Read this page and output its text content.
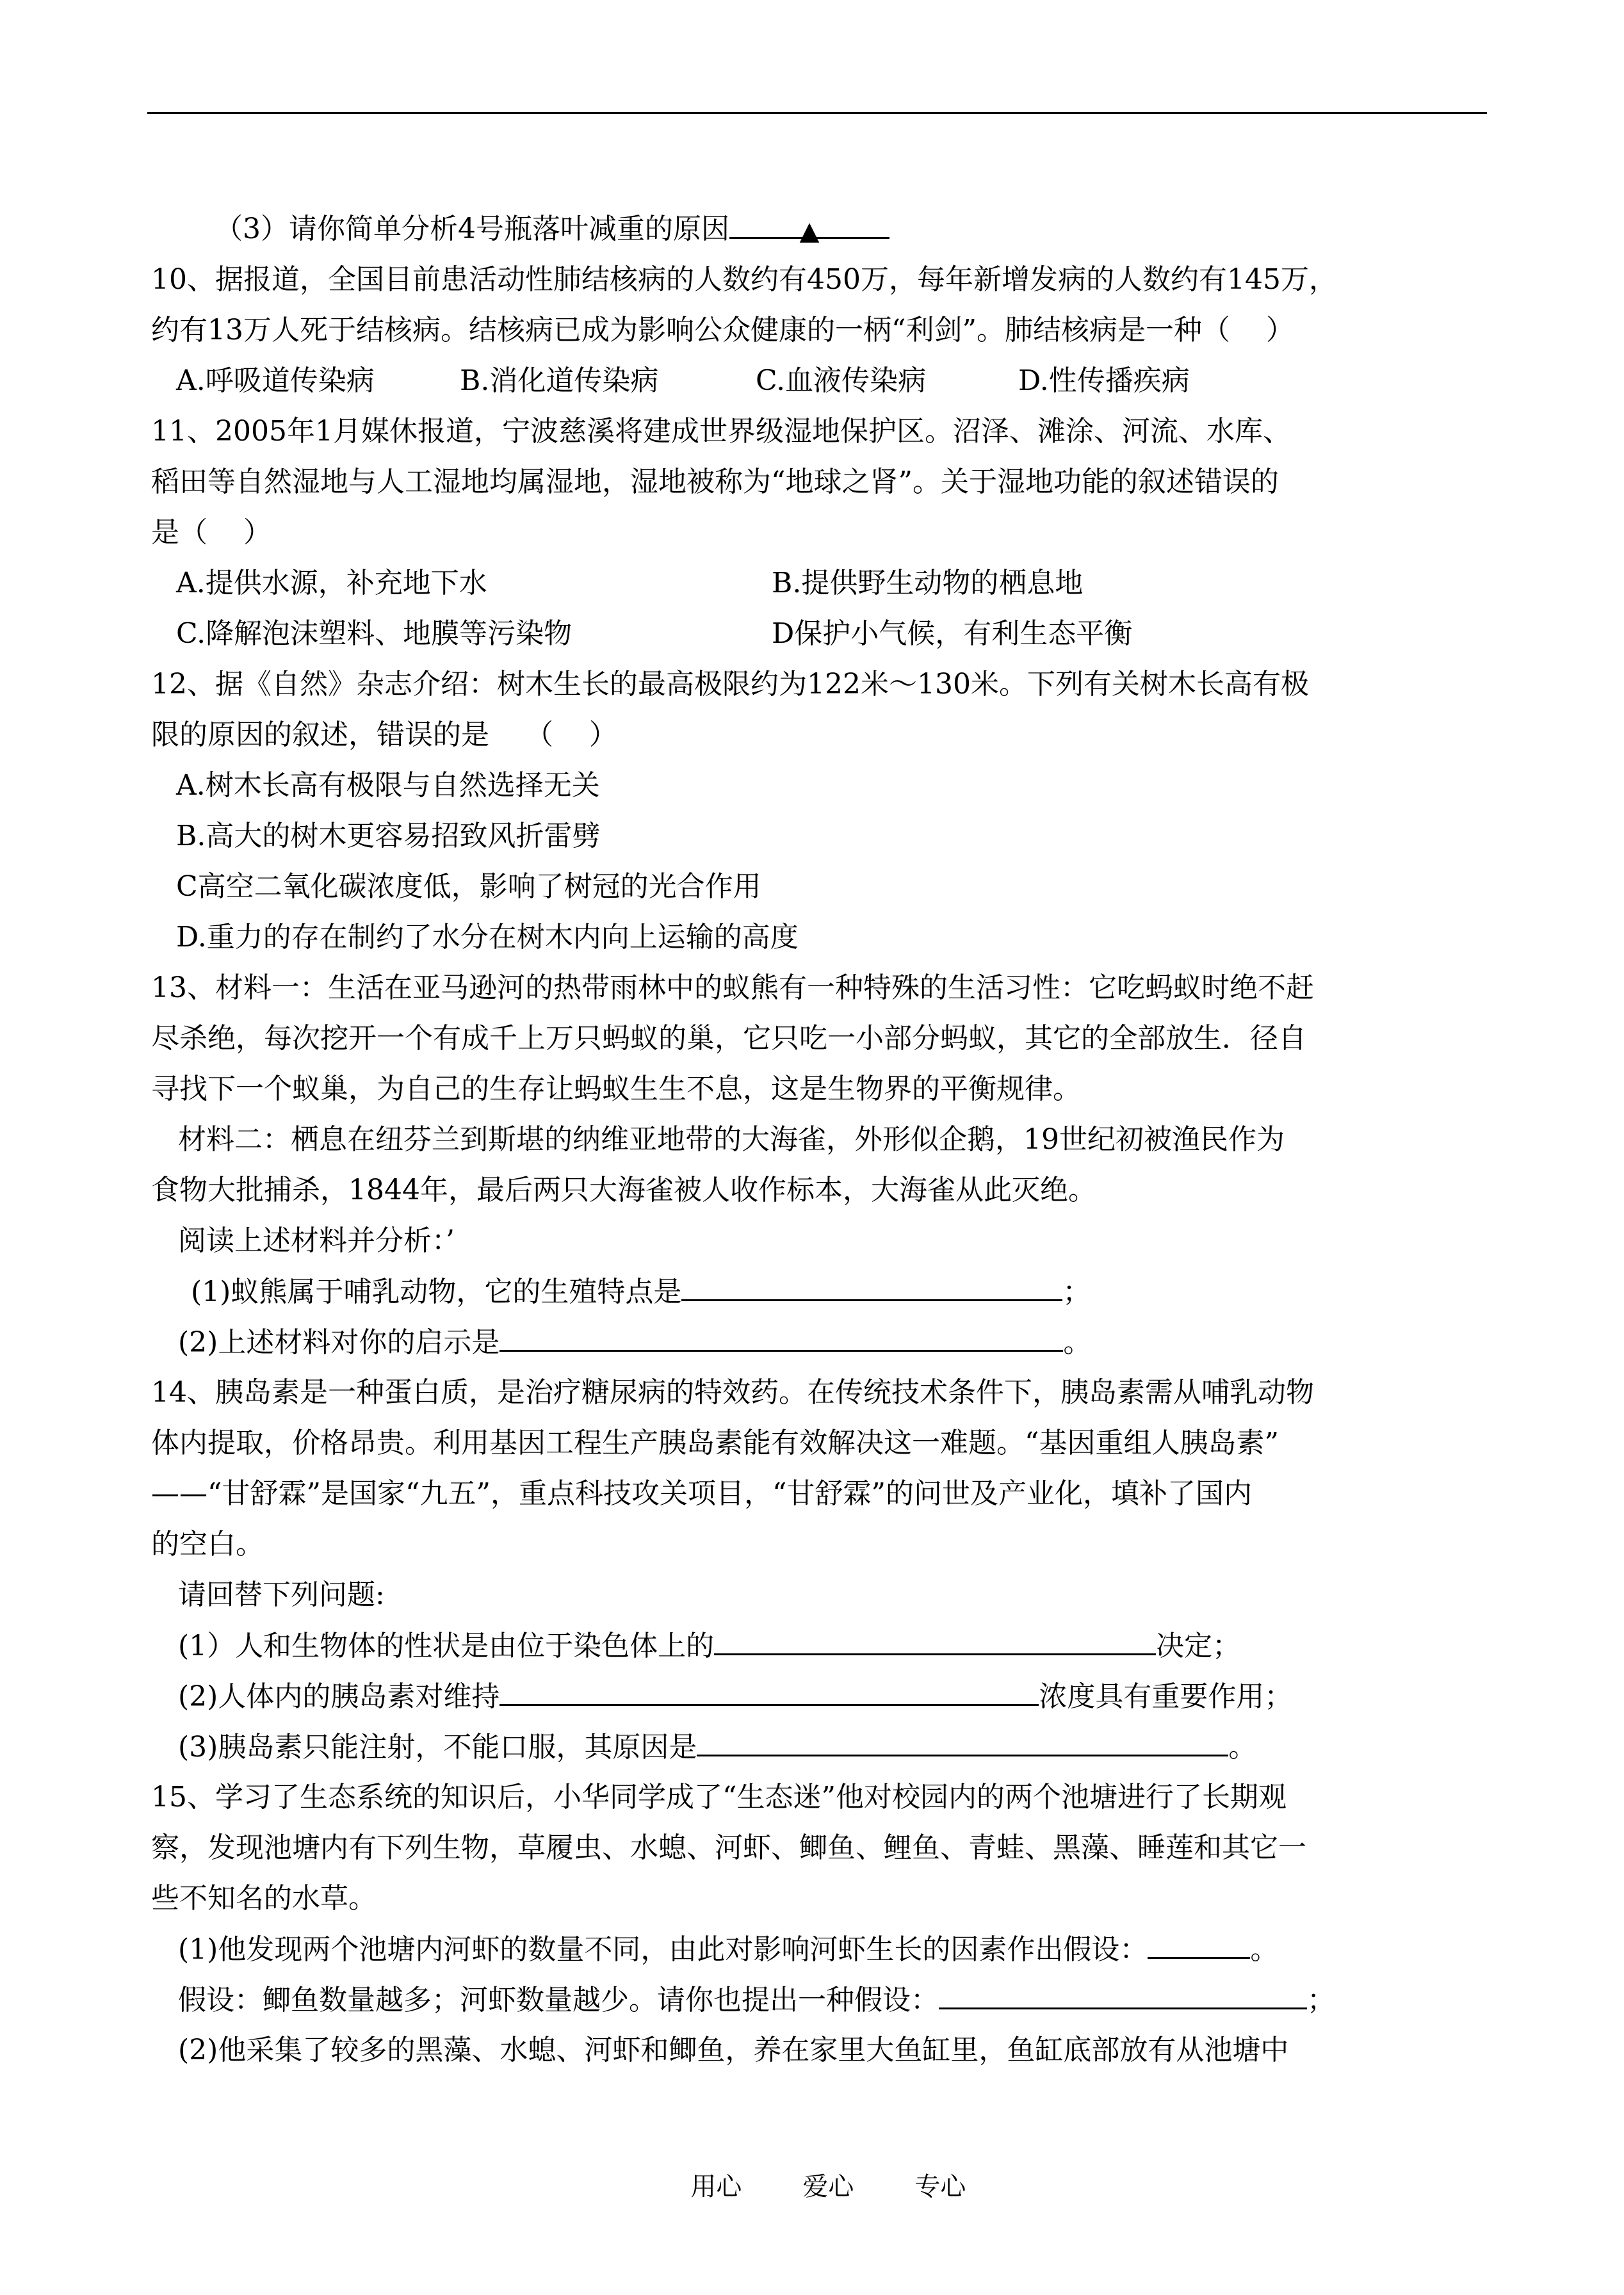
（3）请你简单分析4号瓶落叶减重的原因	▲
10、据报道，全国目前患活动性肺结核病的人数约有450万，每年新增发病的人数约有145万，
约有13万人死于结核病。结核病已成为影响公众健康的一柄“利剑”。肺结核病是一种（    ）

A.呼吸道传染病

	B.消化道传染病

	C.血液传染病

	D.性传播疾病

11、2005年1月媒休报道，宁波慈溪将建成世界级湿地保护区。沼泽、滩涂、河流、水库、
稻田等自然湿地与人工湿地均属湿地，湿地被称为“地球之肾”。关于湿地功能的叙述错误的
是（    ）

A.提供水源，补充地下水

	B.提供野生动物的栖息地

C.降解泡沫塑料、地膜等污染物

	D保护小气候，有利生态平衡

12、据《自然》杂志介绍：树木生长的最高极限约为122米～130米。下列有关树木长高有极
限的原因的叙述，错误的是    （    ）
A.树木长高有极限与自然选择无关
B.高大的树木更容易招致风折雷劈
C高空二氧化碳浓度低，影响了树冠的光合作用
D.重力的存在制约了水分在树木内向上运输的高度
13、材料一：生活在亚马逊河的热带雨林中的蚁熊有一种特殊的生活习性：它吃蚂蚁时绝不赶
尽杀绝，每次挖开一个有成千上万只蚂蚁的巢，它只吃一小部分蚂蚁，其它的全部放生．径自
寻找下一个蚁巢，为自己的生存让蚂蚁生生不息，这是生物界的平衡规律。
材料二：栖息在纽芬兰到斯堪的纳维亚地带的大海雀，外形似企鹅，19世纪初被渔民作为
食物大批捕杀，1844年，最后两只大海雀被人收作标本，大海雀从此灭绝。
阅读上述材料并分析：’
(1)蚁熊属于哺乳动物，它的生殖特点是	；
(2)上述材料对你的启示是	。
14、胰岛素是一种蛋白质，是治疗糖尿病的特效药。在传统技术条件下，胰岛素需从哺乳动物
体内提取，价格昂贵。利用基因工程生产胰岛素能有效解决这一难题。“基因重组人胰岛素”
——“甘舒霖”是国家“九五”，重点科技攻关项目，“甘舒霖”的问世及产业化，填补了国内
的空白。
请回替下列问题:
(1）人和生物体的性状是由位于染色体上的	决定；
(2)人体内的胰岛素对维持	浓度具有重要作用；
(3)胰岛素只能注射，不能口服，其原因是	。
15、学习了生态系统的知识后，小华同学成了“生态迷”他对校园内的两个池塘进行了长期观
察，发现池塘内有下列生物，草履虫、水螅、河虾、鲫鱼、鲤鱼、青蛙、黑藻、睡莲和其它一
些不知名的水草。
(1)他发现两个池塘内河虾的数量不同，由此对影响河虾生长的因素作出假设：	。
假设：鲫鱼数量越多；河虾数量越少。请你也提出一种假设：	；
(2)他采集了较多的黑藻、水螅、河虾和鲫鱼，养在家里大鱼缸里，鱼缸底部放有从池塘中

用心 爱心 专心
